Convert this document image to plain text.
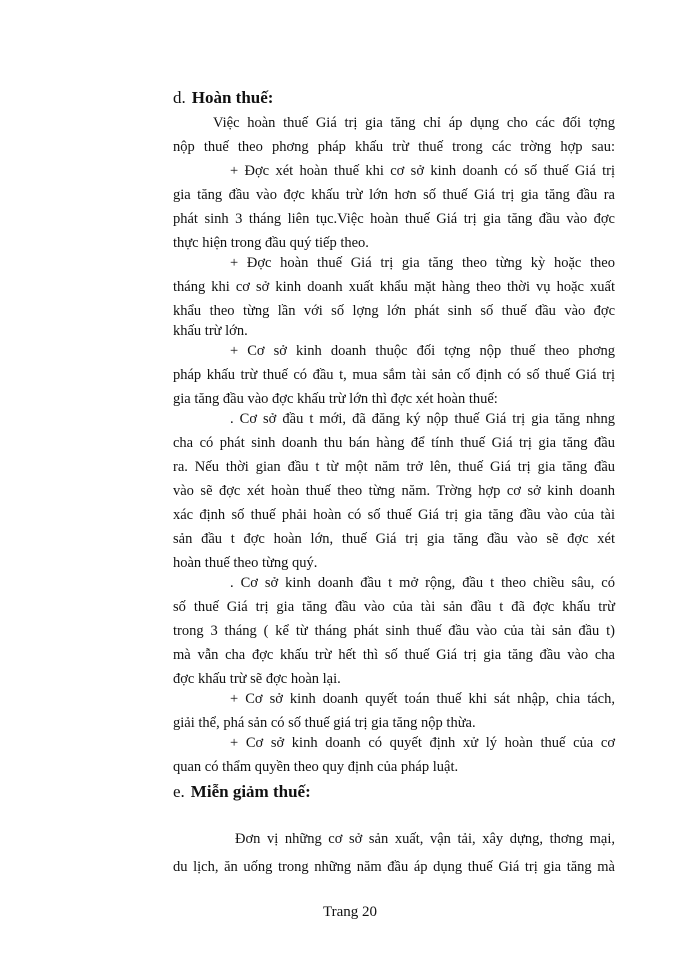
d. Hoàn thuế:
Việc hoàn thuế Giá trị gia tăng chỉ áp dụng cho các đối tợng
nộp thuế theo phơng pháp khấu trừ thuế trong các trờng hợp sau:
+ Đợc xét hoàn thuế khi cơ sở kinh doanh có số thuế Giá trị
gia tăng đầu vào đợc khấu trừ lớn hơn số thuế Giá trị gia tăng đầu ra
phát sinh 3 tháng liên tục.Việc hoàn thuế Giá trị gia tăng đầu vào đợc
thực hiện trong đầu quý tiếp theo.
+ Đợc hoàn thuế Giá trị gia tăng theo từng kỳ hoặc theo
tháng khi cơ sở kinh doanh xuất khẩu mặt hàng theo thời vụ hoặc xuất
khẩu theo từng lần với số lợng lớn phát sinh số thuế đầu vào đợc
khấu trừ lớn.
+ Cơ sở kinh doanh thuộc đối tợng nộp thuế theo phơng
pháp khấu trừ thuế có đầu t, mua sắm tài sản cố định có số thuế Giá trị
gia tăng đầu vào đợc khấu trừ lớn thì đợc xét hoàn thuế:
. Cơ sở đầu t mới, đã đăng ký nộp thuế Giá trị gia tăng nhng
cha có phát sinh doanh thu bán hàng để tính thuế Giá trị gia tăng đầu
ra. Nếu thời gian đầu t từ một năm trở lên, thuế Giá trị gia tăng đầu
vào sẽ đợc xét hoàn thuế theo từng năm. Trờng hợp cơ sở kinh doanh
xác định số thuế phải hoàn có số thuế Giá trị gia tăng đầu vào của tài
sản đầu t đợc hoàn lớn, thuế Giá trị gia tăng đầu vào sẽ đợc xét
hoàn thuế theo từng quý.
. Cơ sở kinh doanh đầu t mở rộng, đầu t theo chiều sâu, có
số thuế Giá trị gia tăng đầu vào của tài sản đầu t đã đợc khấu trừ
trong 3 tháng ( kể từ tháng phát sinh thuế đầu vào của tài sản đầu t)
mà vẫn cha đợc khấu trừ hết thì số thuế Giá trị gia tăng đầu vào cha
đợc khấu trừ sẽ đợc hoàn lại.
+ Cơ sở kinh doanh quyết toán thuế khi sát nhập, chia tách,
giải thể, phá sản có số thuế giá trị gia tăng nộp thừa.
+ Cơ sở kinh doanh có quyết định xử lý hoàn thuế của cơ
quan có thẩm quyền theo quy định của pháp luật.
e. Miễn giảm thuế:
Đơn vị những cơ sở sản xuất, vận tải, xây dựng, thơng mại,
du lịch, ăn uống trong những năm đầu áp dụng thuế Giá trị gia tăng mà
Trang 20
